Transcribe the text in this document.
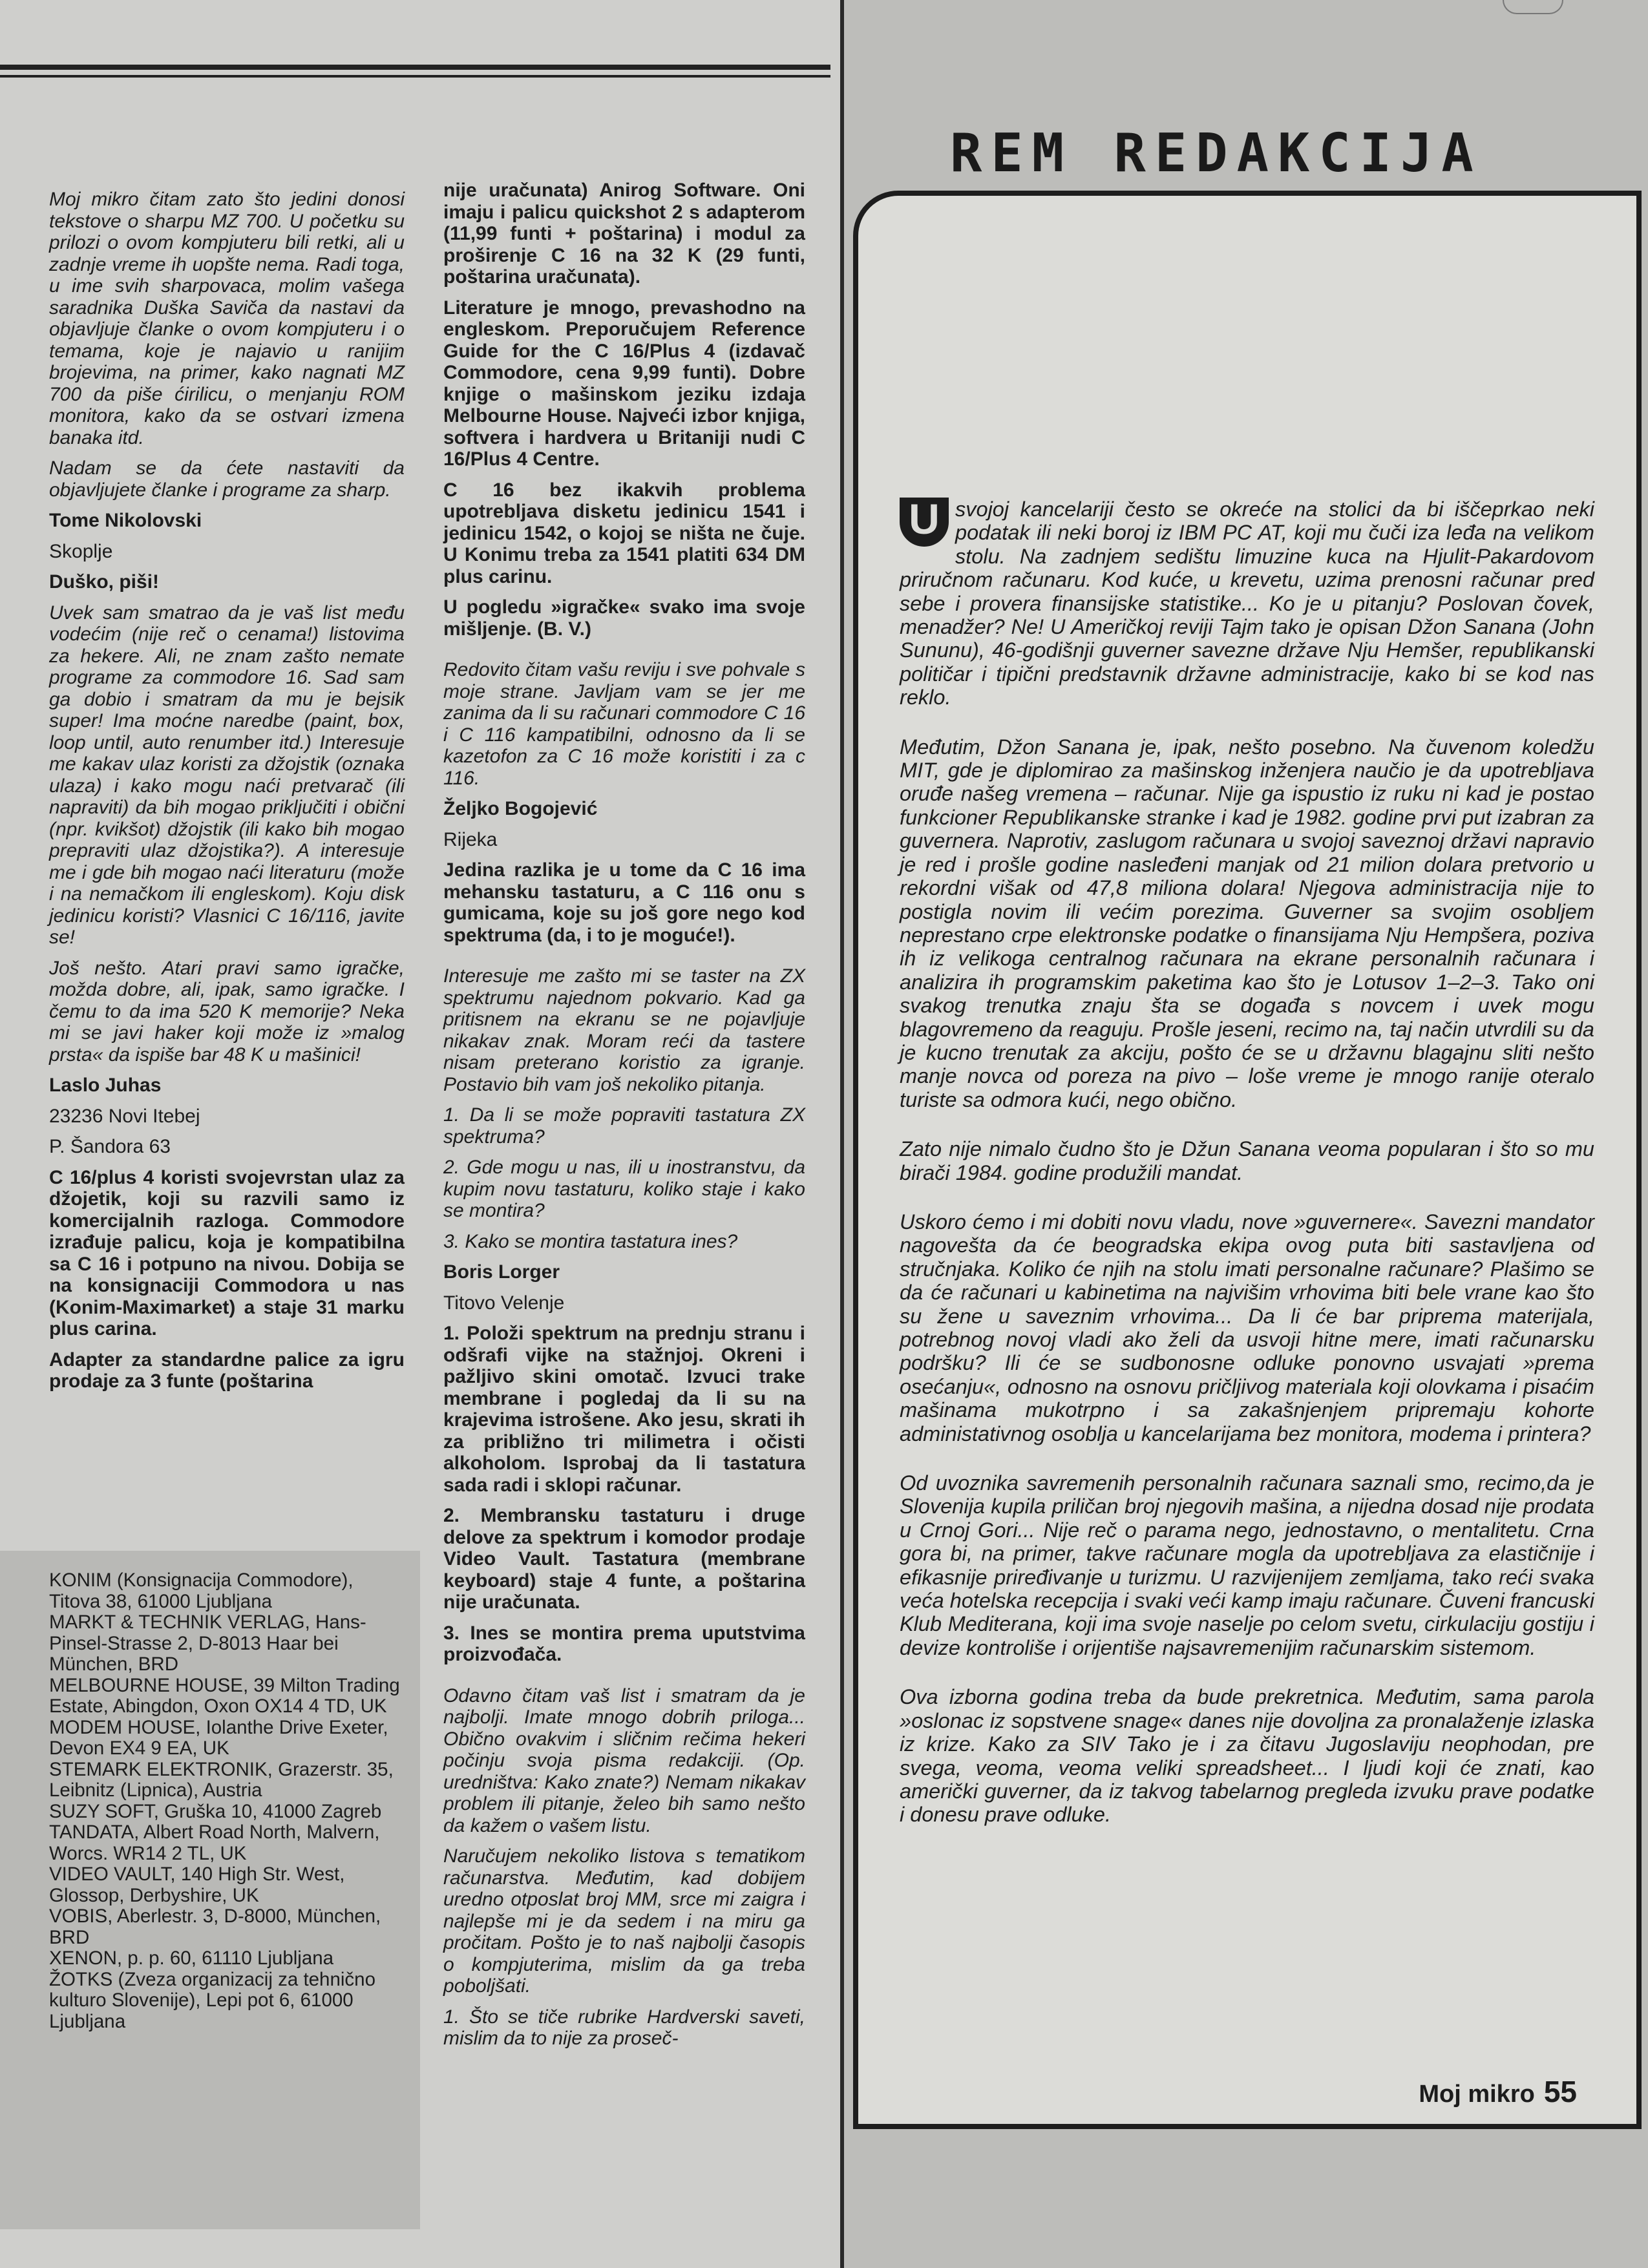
Moj mikro čitam zato što jedini donosi tekstove o sharpu MZ 700. U početku su prilozi o ovom kompjuteru bili retki, ali u zadnje vreme ih uopšte nema. Radi toga, u ime svih sharpovaca, molim vašega saradnika Duška Saviča da nastavi da objavljuje članke o ovom kompjuteru i o temama, koje je najavio u ranijim brojevima, na primer, kako nagnati MZ 700 da piše ćirilicu, o menjanju ROM monitora, kako da se ostvari izmena banaka itd.

Nadam se da ćete nastaviti da objavljujete članke i programe za sharp.

Tome Nikolovski

Skoplje

Duško, piši!

Uvek sam smatrao da je vaš list među vodećim (nije reč o cenama!) listovima za hekere. Ali, ne znam zašto nemate programe za commodore 16. Sad sam ga dobio i smatram da mu je bejsik super! Ima moćne naredbe (paint, box, loop until, auto renumber itd.) Interesuje me kakav ulaz koristi za džojstik (oznaka ulaza) i kako mogu naći pretvarač (ili napraviti) da bih mogao priključiti i obični (npr. kvikšot) džojstik (ili kako bih mogao prepraviti ulaz džojstika?). A interesuje me i gde bih mogao naći literaturu (može i na nemačkom ili engleskom). Koju disk jedinicu koristi? Vlasnici C 16/116, javite se!

Još nešto. Atari pravi samo igračke, možda dobre, ali, ipak, samo igračke. I čemu to da ima 520 K memorije? Neka mi se javi haker koji može iz »malog prsta« da ispiše bar 48 K u mašinici!

Laslo Juhas

23236 Novi Itebej

P. Šandora 63

C 16/plus 4 koristi svojevrstan ulaz za džojetik, koji su razvili samo iz komercijalnih razloga. Commodore izrađuje palicu, koja je kompatibilna sa C 16 i potpuno na nivou. Dobija se na konsignaciji Commodora u nas (Konim-Maximarket) a staje 31 marku plus carina.

Adapter za standardne palice za igru prodaje za 3 funte (poštarina

KONIM (Konsignacija Commodore), Titova 38, 61000 Ljubljana
MARKT & TECHNIK VERLAG, Hans-Pinsel-Strasse 2, D-8013 Haar bei München, BRD
MELBOURNE HOUSE, 39 Milton Trading Estate, Abingdon, Oxon OX14 4 TD, UK
MODEM HOUSE, Iolanthe Drive Exeter, Devon EX4 9 EA, UK
STEMARK ELEKTRONIK, Grazerstr. 35, Leibnitz (Lipnica), Austria
SUZY SOFT, Gruška 10, 41000 Zagreb
TANDATA, Albert Road North, Malvern, Worcs. WR14 2 TL, UK
VIDEO VAULT, 140 High Str. West, Glossop, Derbyshire, UK
VOBIS, Aberlestr. 3, D-8000, München, BRD
XENON, p. p. 60, 61110 Ljubljana
ŽOTKS (Zveza organizacij za tehnično kulturo Slovenije), Lepi pot 6, 61000 Ljubljana

nije uračunata) Anirog Software. Oni imaju i palicu quickshot 2 s adapterom (11,99 funti + poštarina) i modul za proširenje C 16 na 32 K (29 funti, poštarina uračunata).

Literature je mnogo, prevashodno na engleskom. Preporučujem Reference Guide for the C 16/Plus 4 (izdavač Commodore, cena 9,99 funti). Dobre knjige o mašinskom jeziku izdaja Melbourne House. Najveći izbor knjiga, softvera i hardvera u Britaniji nudi C 16/Plus 4 Centre.

C 16 bez ikakvih problema upotrebljava disketu jedinicu 1541 i jedinicu 1542, o kojoj se ništa ne čuje. U Konimu treba za 1541 platiti 634 DM plus carinu.

U pogledu »igračke« svako ima svoje mišljenje. (B. V.)

Redovito čitam vašu reviju i sve pohvale s moje strane. Javljam vam se jer me zanima da li su računari commodore C 16 i C 116 kampatibilni, odnosno da li se kazetofon za C 16 može koristiti i za c 116.

Željko Bogojević

Rijeka

Jedina razlika je u tome da C 16 ima mehansku tastaturu, a C 116 onu s gumicama, koje su još gore nego kod spektruma (da, i to je moguće!).

Interesuje me zašto mi se taster na ZX spektrumu najednom pokvario. Kad ga pritisnem na ekranu se ne pojavljuje nikakav znak. Moram reći da tastere nisam preterano koristio za igranje. Postavio bih vam još nekoliko pitanja.

1. Da li se može popraviti tastatura ZX spektruma?

2. Gde mogu u nas, ili u inostranstvu, da kupim novu tastaturu, koliko staje i kako se montira?

3. Kako se montira tastatura ines?

Boris Lorger

Titovo Velenje

1. Položi spektrum na prednju stranu i odšrafi vijke na stažnjoj. Okreni i pažljivo skini omotač. Izvuci trake membrane i pogledaj da li su na krajevima istrošene. Ako jesu, skrati ih za približno tri milimetra i očisti alkoholom. Isprobaj da li tastatura sada radi i sklopi računar.

2. Membransku tastaturu i druge delove za spektrum i komodor prodaje Video Vault. Tastatura (membrane keyboard) staje 4 funte, a poštarina nije uračunata.

3. Ines se montira prema uputstvima proizvođača.

Odavno čitam vaš list i smatram da je najbolji. Imate mnogo dobrih priloga... Obično ovakvim i sličnim rečima hekeri počinju svoja pisma redakciji. (Op. uredništva: Kako znate?) Nemam nikakav problem ili pitanje, želeo bih samo nešto da kažem o vašem listu.

Naručujem nekoliko listova s tematikom računarstva. Međutim, kad dobijem uredno otposlat broj MM, srce mi zaigra i najlepše mi je da sedem i na miru ga pročitam. Pošto je to naš najbolji časopis o kompjuterima, mislim da ga treba poboljšati.

1. Što se tiče rubrike Hardverski saveti, mislim da to nije za proseč-

REM REDAKCIJA

U svojoj kancelariji često se okreće na stolici da bi iščeprkao neki podatak ili neki boroj iz IBM PC AT, koji mu čuči iza leđa na velikom stolu. Na zadnjem sedištu limuzine kuca na Hjulit-Pakardovom priručnom računaru. Kod kuće, u krevetu, uzima prenosni računar pred sebe i provera finansijske statistike... Ko je u pitanju? Poslovan čovek, menadžer? Ne! U Američkoj reviji Tajm tako je opisan Džon Sanana (John Sununu), 46-godišnji guverner savezne države Nju Hemšer, republikanski političar i tipični predstavnik državne administracije, kako bi se kod nas reklo.

Međutim, Džon Sanana je, ipak, nešto posebno. Na čuvenom koledžu MIT, gde je diplomirao za mašinskog inženjera naučio je da upotrebljava oruđe našeg vremena – računar. Nije ga ispustio iz ruku ni kad je postao funkcioner Republikanske stranke i kad je 1982. godine prvi put izabran za guvernera. Naprotiv, zaslugom računara u svojoj saveznoj državi napravio je red i prošle godine nasleđeni manjak od 21 milion dolara pretvorio u rekordni višak od 47,8 miliona dolara! Njegova administracija nije to postigla novim ili većim porezima. Guverner sa svojim osobljem neprestano crpe elektronske podatke o finansijama Nju Hempšera, poziva ih iz velikoga centralnog računara na ekrane personalnih računara i analizira ih programskim paketima kao što je Lotusov 1–2–3. Tako oni svakog trenutka znaju šta se događa s novcem i uvek mogu blagovremeno da reaguju. Prošle jeseni, recimo na, taj način utvrdili su da je kucno trenutak za akciju, pošto će se u državnu blagajnu sliti nešto manje novca od poreza na pivo – loše vreme je mnogo ranije oteralo turiste sa odmora kući, nego obično.

Zato nije nimalo čudno što je Džun Sanana veoma popularan i što so mu birači 1984. godine produžili mandat.

Uskoro ćemo i mi dobiti novu vladu, nove »guvernere«. Savezni mandator nagovešta da će beogradska ekipa ovog puta biti sastavljena od stručnjaka. Koliko će njih na stolu imati personalne računare? Plašimo se da će računari u kabinetima na najvišim vrhovima biti bele vrane kao što su žene u saveznim vrhovima... Da li će bar priprema materijala, potrebnog novoj vladi ako želi da usvoji hitne mere, imati računarsku podršku? Ili će se sudbonosne odluke ponovno usvajati »prema osećanju«, odnosno na osnovu pričljivog materiala koji olovkama i pisaćim mašinama mukotrpno i sa zakašnjenjem pripremaju kohorte administativnog osoblja u kancelarijama bez monitora, modema i printera?

Od uvoznika savremenih personalnih računara saznali smo, recimo,da je Slovenija kupila priličan broj njegovih mašina, a nijedna dosad nije prodata u Crnoj Gori... Nije reč o parama nego, jednostavno, o mentalitetu. Crna gora bi, na primer, takve računare mogla da upotrebljava za elastičnije i efikasnije priređivanje u turizmu. U razvijenijem zemljama, tako reći svaka veća hotelska recepcija i svaki veći kamp imaju računare. Čuveni francuski Klub Mediterana, koji ima svoje naselje po celom svetu, cirkulaciju gostiju i devize kontroliše i orijentiše najsavremenijim računarskim sistemom.

Ova izborna godina treba da bude prekretnica. Međutim, sama parola »oslonac iz sopstvene snage« danes nije dovoljna za pronalaženje izlaska iz krize. Kako za SIV Tako je i za čitavu Jugoslaviju neophodan, pre svega, veoma, veoma veliki spreadsheet... I ljudi koji će znati, kao američki guverner, da iz takvog tabelarnog pregleda izvuku prave podatke i donesu prave odluke.

Moj mikro 55
